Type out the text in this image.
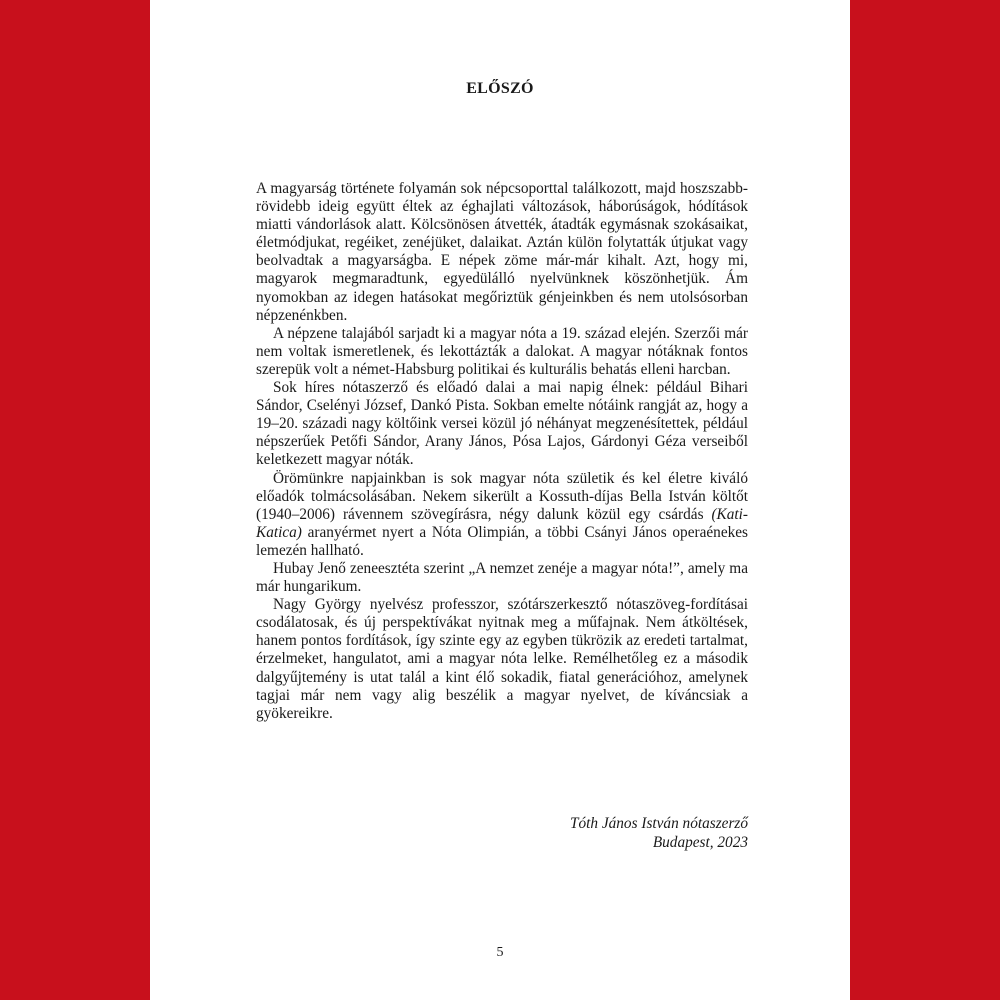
ELŐSZÓ

A magyarság története folyamán sok népcsoporttal találkozott, majd hoszszabb-rövidebb ideig együtt éltek az éghajlati változások, háborúságok, hódítások miatti vándorlások alatt. Kölcsönösen átvették, átadták egymásnak szokásaikat, életmódjukat, regéiket, zenéjüket, dalaikat. Aztán külön folytatták útjukat vagy beolvadtak a magyarságba. E népek zöme már-már kihalt. Azt, hogy mi, magyarok megmaradtunk, egyedülálló nyelvünknek köszönhetjük. Ám nyomokban az idegen hatásokat megőriztük génjeinkben és nem utolsósorban népzenénkben.

A népzene talajából sarjadt ki a magyar nóta a 19. század elején. Szerzői már nem voltak ismeretlenek, és lekottázták a dalokat. A magyar nótáknak fontos szerepük volt a német-Habsburg politikai és kulturális behatás elleni harcban.

Sok híres nótaszerző és előadó dalai a mai napig élnek: például Bihari Sándor, Cselényi József, Dankó Pista. Sokban emelte nótáink rangját az, hogy a 19–20. századi nagy költőink versei közül jó néhányat megzenésítettek, például népszerűek Petőfi Sándor, Arany János, Pósa Lajos, Gárdonyi Géza verseiből keletkezett magyar nóták.

Örömünkre napjainkban is sok magyar nóta születik és kel életre kiváló előadók tolmácsolásában. Nekem sikerült a Kossuth-díjas Bella István költőt (1940–2006) rávennem szövegírásra, négy dalunk közül egy csárdás (Kati-Katica) aranyérmet nyert a Nóta Olimpián, a többi Csányi János operaénekes lemezén hallható.

Hubay Jenő zeneesztéta szerint „A nemzet zenéje a magyar nóta!”, amely ma már hungarikum.

Nagy György nyelvész professzor, szótárszerkesztő nótaszöveg-fordításai csodálatosak, és új perspektívákat nyitnak meg a műfajnak. Nem átköltések, hanem pontos fordítások, így szinte egy az egyben tükrözik az eredeti tartalmat, érzelmeket, hangulatot, ami a magyar nóta lelke. Remélhetőleg ez a második dalgyűjtemény is utat talál a kint élő sokadik, fiatal generációhoz, amelynek tagjai már nem vagy alig beszélik a magyar nyelvet, de kíváncsiak a gyökereikre.

Tóth János István nótaszerző
Budapest, 2023
5
